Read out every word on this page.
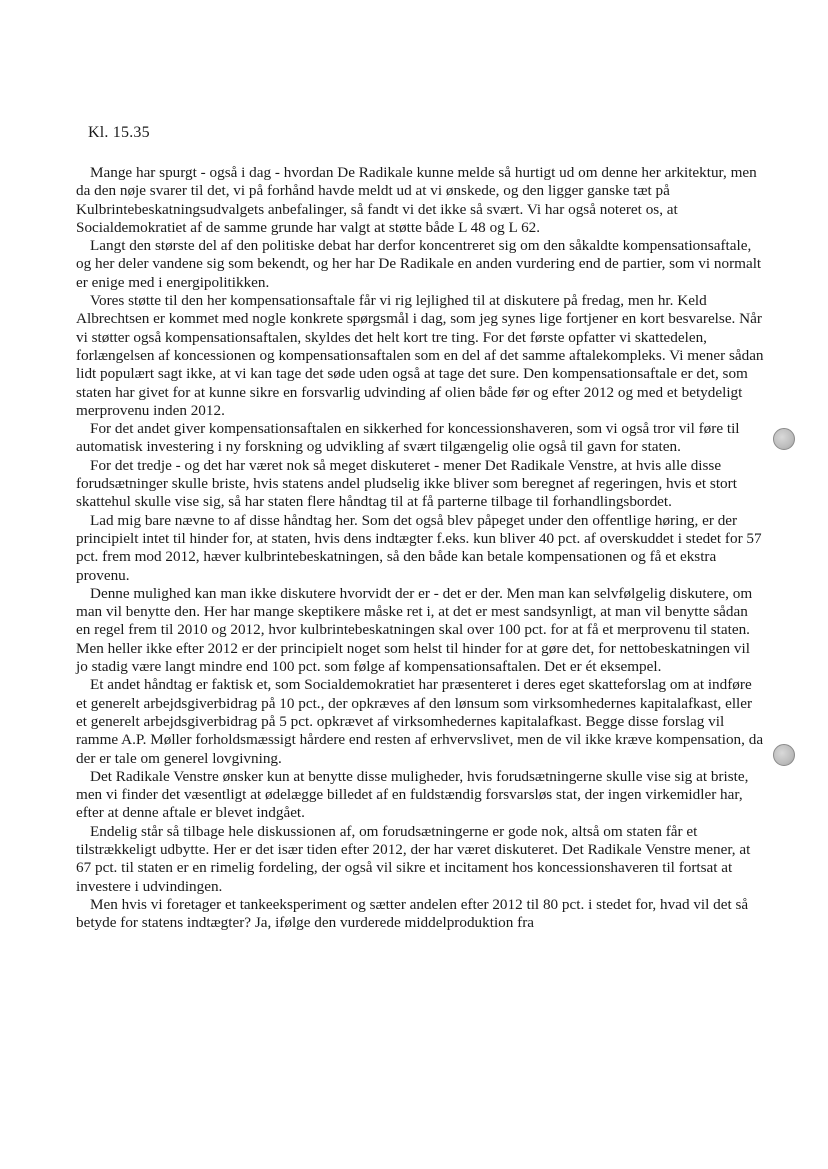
Kl. 15.35

Mange har spurgt - også i dag - hvordan De Radikale kunne melde så hurtigt ud om denne her arkitektur, men da den nøje svarer til det, vi på forhånd havde meldt ud at vi ønskede, og den ligger ganske tæt på Kulbrintebeskatningsudvalgets anbefalinger, så fandt vi det ikke så svært. Vi har også noteret os, at Socialdemokratiet af de samme grunde har valgt at støtte både L 48 og L 62.

Langt den største del af den politiske debat har derfor koncentreret sig om den såkaldte kompensationsaftale, og her deler vandene sig som bekendt, og her har De Radikale en anden vurdering end de partier, som vi normalt er enige med i energipolitikken.

Vores støtte til den her kompensationsaftale får vi rig lejlighed til at diskutere på fredag, men hr. Keld Albrechtsen er kommet med nogle konkrete spørgsmål i dag, som jeg synes lige fortjener en kort besvarelse. Når vi støtter også kompensationsaftalen, skyldes det helt kort tre ting. For det første opfatter vi skattedelen, forlængelsen af koncessionen og kompensationsaftalen som en del af det samme aftalekompleks. Vi mener sådan lidt populært sagt ikke, at vi kan tage det søde uden også at tage det sure. Den kompensationsaftale er det, som staten har givet for at kunne sikre en forsvarlig udvinding af olien både før og efter 2012 og med et betydeligt merprovenu inden 2012.

For det andet giver kompensationsaftalen en sikkerhed for koncessionshaveren, som vi også tror vil føre til automatisk investering i ny forskning og udvikling af svært tilgængelig olie også til gavn for staten.

For det tredje - og det har været nok så meget diskuteret - mener Det Radikale Venstre, at hvis alle disse forudsætninger skulle briste, hvis statens andel pludselig ikke bliver som beregnet af regeringen, hvis et stort skattehul skulle vise sig, så har staten flere håndtag til at få parterne tilbage til forhandlingsbordet.

Lad mig bare nævne to af disse håndtag her. Som det også blev påpeget under den offentlige høring, er der principielt intet til hinder for, at staten, hvis dens indtægter f.eks. kun bliver 40 pct. af overskuddet i stedet for 57 pct. frem mod 2012, hæver kulbrintebeskatningen, så den både kan betale kompensationen og få et ekstra provenu.

Denne mulighed kan man ikke diskutere hvorvidt der er - det er der. Men man kan selvfølgelig diskutere, om man vil benytte den. Her har mange skeptikere måske ret i, at det er mest sandsynligt, at man vil benytte sådan en regel frem til 2010 og 2012, hvor kulbrintebeskatningen skal over 100 pct. for at få et merprovenu til staten. Men heller ikke efter 2012 er der principielt noget som helst til hinder for at gøre det, for nettobeskatningen vil jo stadig være langt mindre end 100 pct. som følge af kompensationsaftalen. Det er ét eksempel.

Et andet håndtag er faktisk et, som Socialdemokratiet har præsenteret i deres eget skatteforslag om at indføre et generelt arbejdsgiverbidrag på 10 pct., der opkræves af den lønsum som virksomhedernes kapitalafkast, eller et generelt arbejdsgiverbidrag på 5 pct. opkrævet af virksomhedernes kapitalafkast. Begge disse forslag vil ramme A.P. Møller forholdsmæssigt hårdere end resten af erhvervslivet, men de vil ikke kræve kompensation, da der er tale om generel lovgivning.

Det Radikale Venstre ønsker kun at benytte disse muligheder, hvis forudsætningerne skulle vise sig at briste, men vi finder det væsentligt at ødelægge billedet af en fuldstændig forsvarsløs stat, der ingen virkemidler har, efter at denne aftale er blevet indgået.

Endelig står så tilbage hele diskussionen af, om forudsætningerne er gode nok, altså om staten får et tilstrækkeligt udbytte. Her er det især tiden efter 2012, der har været diskuteret. Det Radikale Venstre mener, at 67 pct. til staten er en rimelig fordeling, der også vil sikre et incitament hos koncessionshaveren til fortsat at investere i udvindingen.

Men hvis vi foretager et tankeeksperiment og sætter andelen efter 2012 til 80 pct. i stedet for, hvad vil det så betyde for statens indtægter? Ja, ifølge den vurderede middelproduktion fra
